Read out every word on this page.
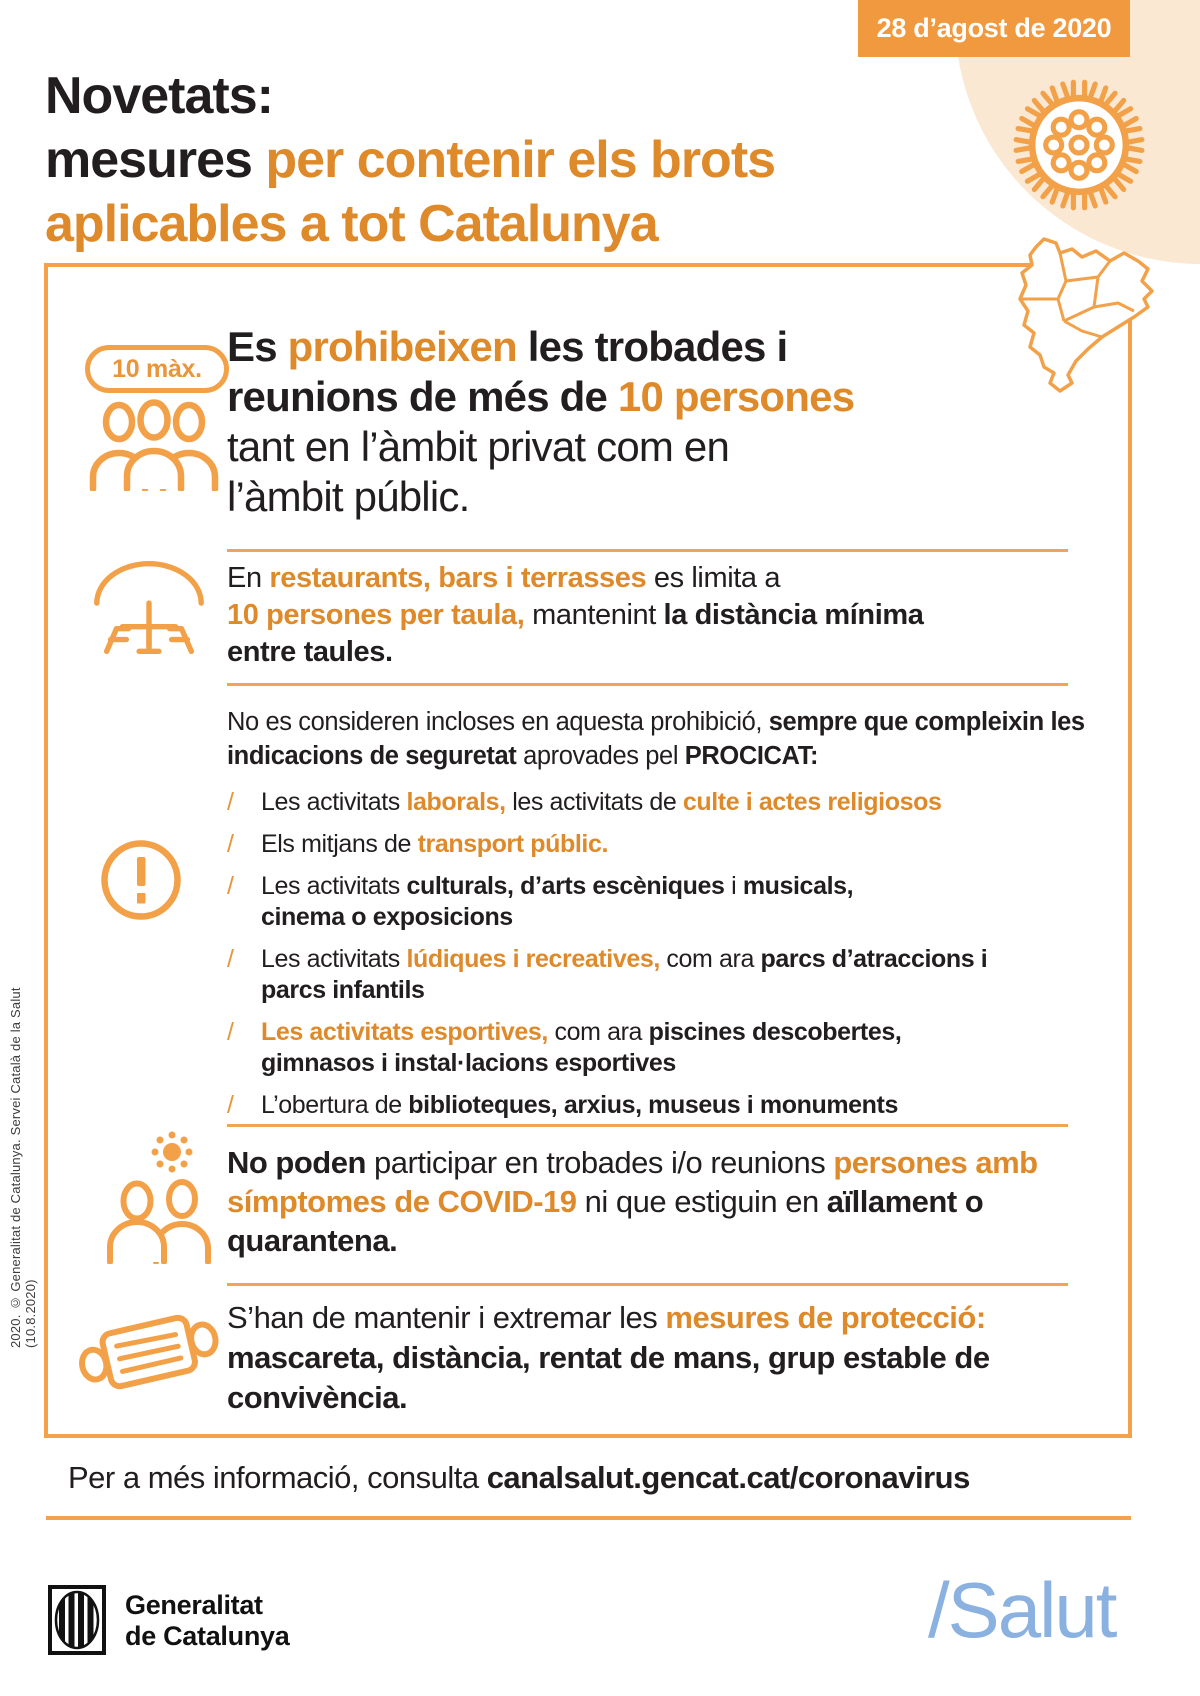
28 d’agost de 2020
Novetats:
mesures per contenir els brots
aplicables a tot Catalunya
10 màx. Es prohibeixen les trobades i
reunions de més de 10 persones
tant en l’àmbit privat com en
l’àmbit públic.
En restaurants, bars i terrasses es limita a
10 persones per taula, mantenint la distància mínima
entre taules.
No es consideren incloses en aquesta prohibició, sempre que compleixin les
indicacions de seguretat aprovades pel PROCICAT:
/	Les activitats laborals, les activitats de culte i actes religiosos
/	Els mitjans de transport públic.
/	Les activitats culturals, d’arts escèniques i musicals,
cinema o exposicions
/	Les activitats lúdiques i recreatives, com ara parcs d’atraccions i
parcs infantils
/	Les activitats esportives, com ara piscines descobertes,
gimnasos i instal·lacions esportives
/	L’obertura de biblioteques, arxius, museus i monuments
No poden participar en trobades i/o reunions persones amb
símptomes de COVID-19 ni que estiguin en aïllament o
quarantena.
S’han de mantenir i extremar les mesures de protecció:
mascareta, distància, rentat de mans, grup estable de
convivència.
Per a més informació, consulta canalsalut.gencat.cat/coronavirus
2020. © Generalitat de Catalunya. Servei Català de la Salut (10.8.2020)
Generalitat
de Catalunya	/Salut
